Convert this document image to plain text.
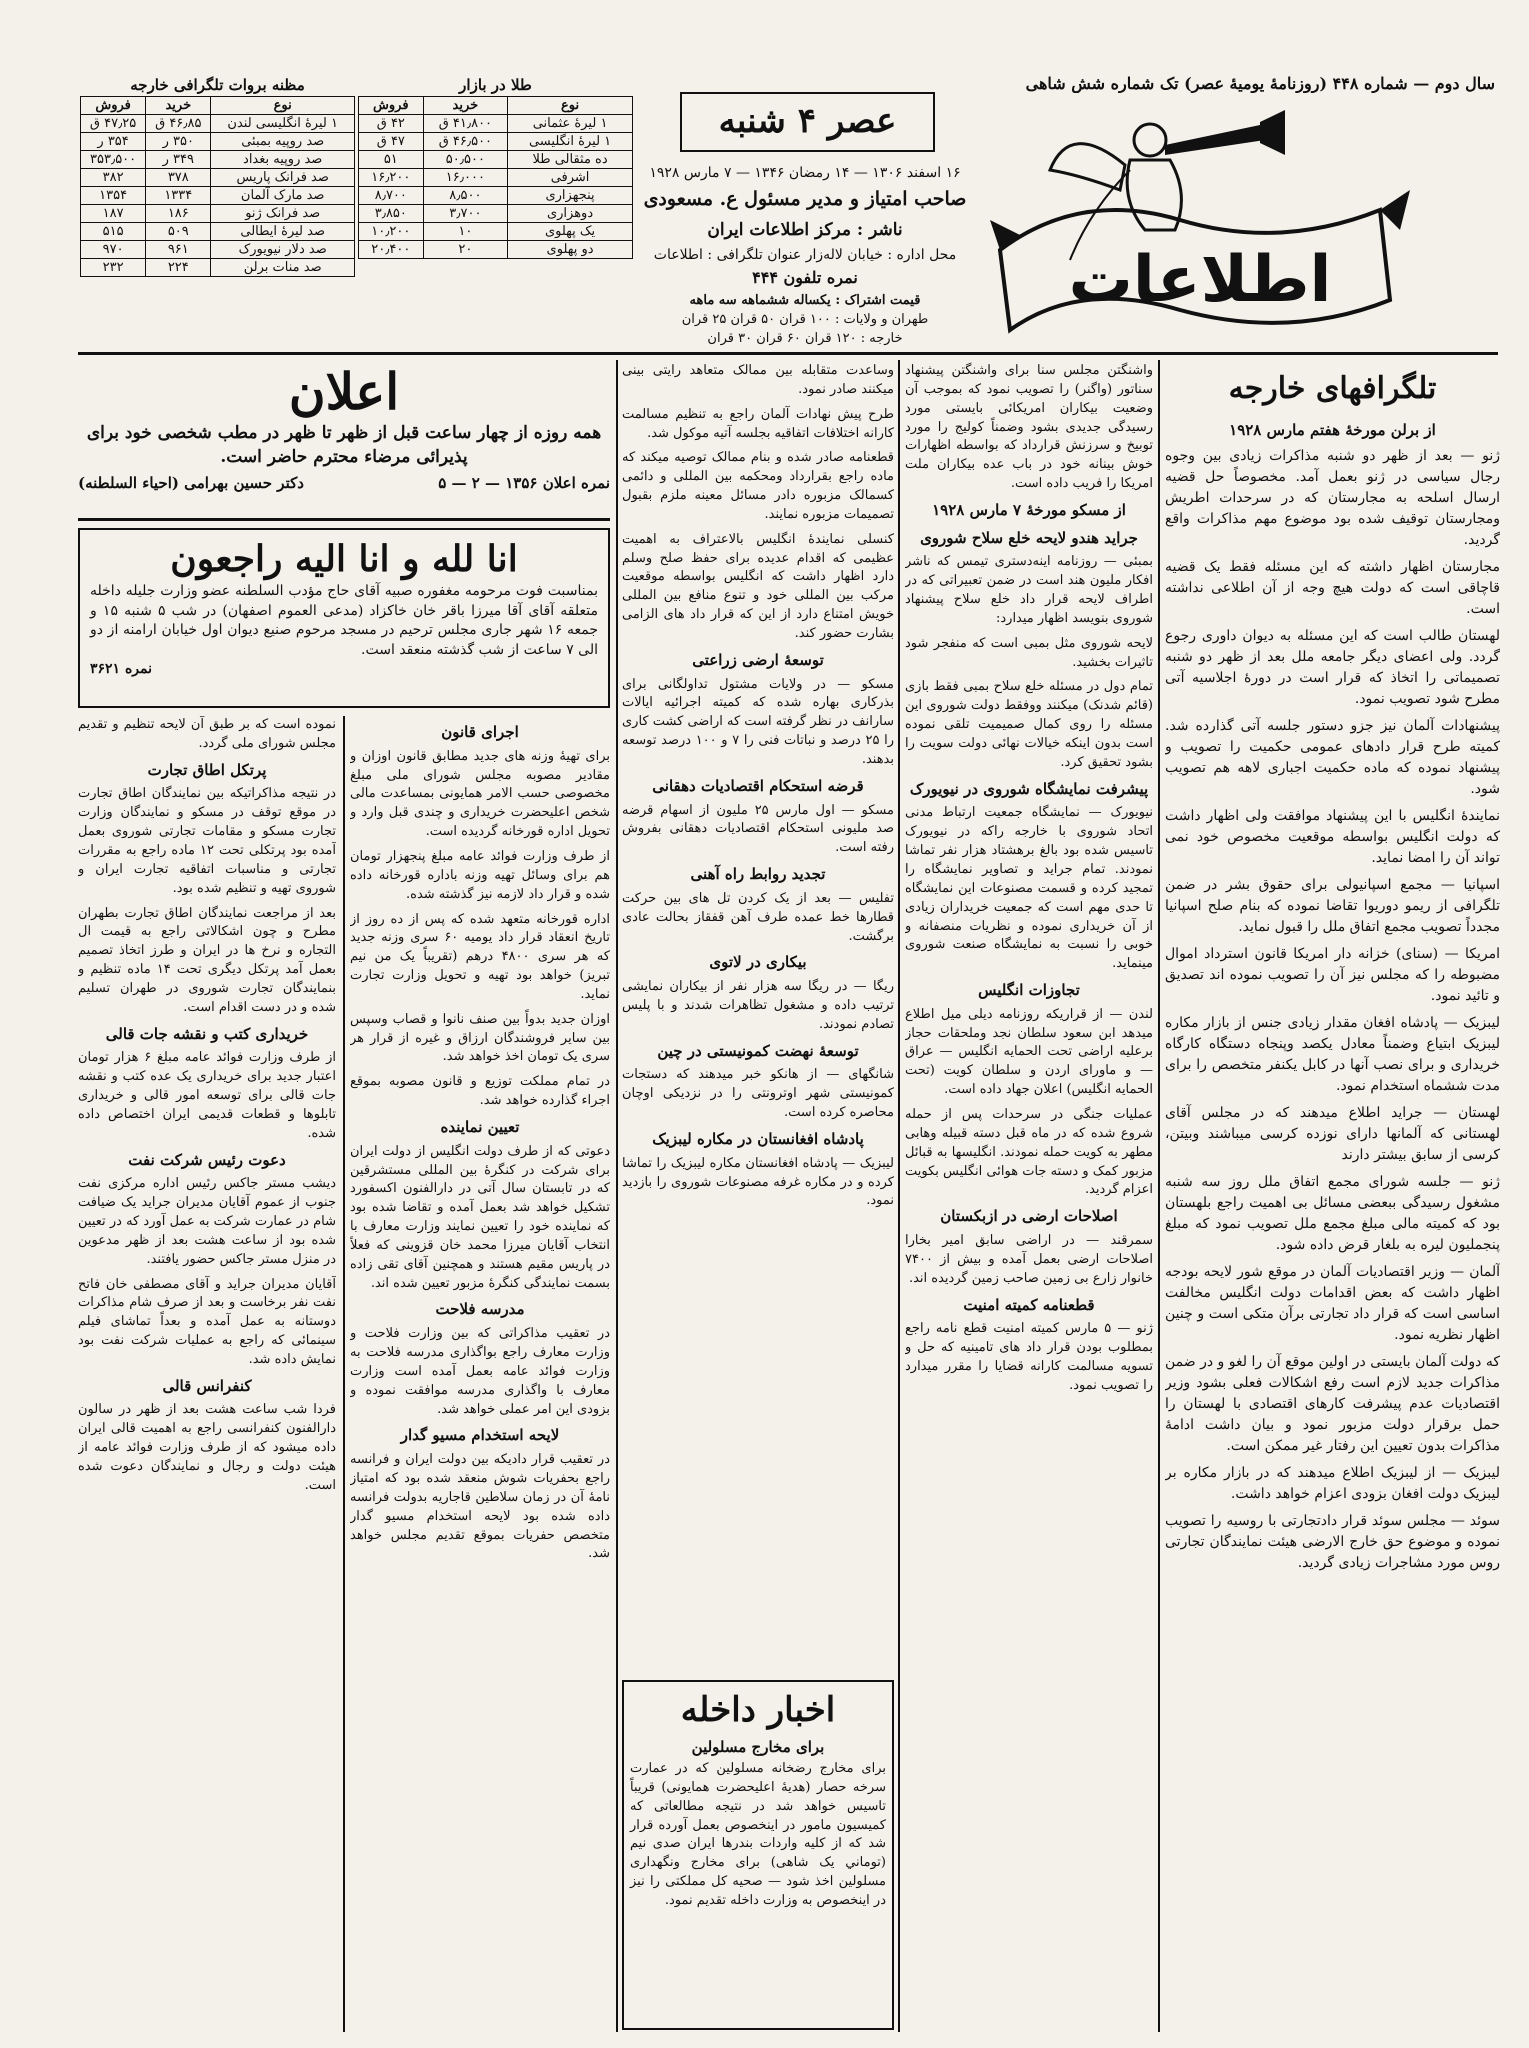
سال دوم — شماره ۴۴۸ (روزنامهٔ یومیهٔ عصر) تک شماره شش شاهی
اطلاعات
عصر ۴ شنبه
۱۶ اسفند ۱۳۰۶ — ۱۴ رمضان ۱۳۴۶ — ۷ مارس ۱۹۲۸
صاحب امتیاز و مدیر مسئول ع. مسعودی
ناشر : مرکز اطلاعات ایران
محل اداره : خیابان لاله‌زار عنوان تلگرافی : اطلاعات
نمره تلفون ۴۴۴
قیمت اشتراک : یکساله ششماهه سه ماهه
طهران و ولایات : ۱۰۰ قران ۵۰ قران ۲۵ قران
خارجه : ۱۲۰ قران ۶۰ قران ۳۰ قران
طلا در بازار
نوع	خرید	فروش
۱ لیرهٔ عثمانی	۴۱٫۸۰۰ ق	۴۲ ق
۱ لیرهٔ انگلیسی	۴۶٫۵۰۰ ق	۴۷ ق
ده مثقالی طلا	۵۰٫۵۰۰	۵۱
اشرفی	۱۶٫۰۰۰	۱۶٫۲۰۰
پنجهزاری	۸٫۵۰۰	۸٫۷۰۰
دوهزاری	۳٫۷۰۰	۳٫۸۵۰
یک پهلوی	۱۰	۱۰٫۲۰۰
دو پهلوی	۲۰	۲۰٫۴۰۰
مظنه بروات تلگرافی خارجه
نوع	خرید	فروش
۱ لیرهٔ انگلیسی لندن	۴۶٫۸۵ ق	۴۷٫۲۵ ق
صد روپیه بمبئی	۳۵۰ ر	۳۵۴ ر
صد روپیه بغداد	۳۴۹ ر	۳۵۳٫۵۰۰
صد فرانک پاریس	۳۷۸	۳۸۲
صد مارک آلمان	۱۳۳۴	۱۳۵۴
صد فرانک ژنو	۱۸۶	۱۸۷
صد لیرهٔ ایطالی	۵۰۹	۵۱۵
صد دلار نیویورک	۹۶۱	۹۷۰
صد منات برلن	۲۲۴	۲۳۲
تلگرافهای خارجه
از برلن مورخهٔ هفتم مارس ۱۹۲۸

ژنو — بعد از ظهر دو شنبه مذاکرات زیادی بین وجوه رجال سیاسی در ژنو بعمل آمد. مخصوصاً حل قضیه ارسال اسلحه به مجارستان که در سرحدات اطریش ومجارستان توقیف شده بود موضوع مهم مذاکرات واقع گردید.

مجارستان اظهار داشته که این مسئله فقط یک قضیه قاچاقی است که دولت هیچ وجه از آن اطلاعی نداشته است.

لهستان طالب است که این مسئله به دیوان داوری رجوع گردد. ولی اعضای دیگر جامعه ملل بعد از ظهر دو شنبه تصمیماتی را اتخاذ که قرار است در دورهٔ اجلاسیه آتی مطرح شود تصویب نمود.

پیشنهادات آلمان نیز جزو دستور جلسه آتی گذارده شد. کمیته طرح قرار دادهای عمومی حکمیت را تصویب و پیشنهاد نموده که ماده حکمیت اجباری لاهه هم تصویب شود.

نمایندهٔ انگلیس با این پیشنهاد موافقت ولی اظهار داشت که دولت انگلیس بواسطه موقعیت مخصوص خود نمی تواند آن را امضا نماید.

اسپانیا — مجمع اسپانیولی برای حقوق بشر در ضمن تلگرافی از ریمو دوریوا تقاضا نموده که بنام صلح اسپانیا مجدداً تصویب مجمع اتفاق ملل را قبول نماید.

امریکا — (سنای) خزانه دار امریکا قانون استرداد اموال مضبوطه را که مجلس نیز آن را تصویب نموده اند تصدیق و تائید نمود.

لیبزیک — پادشاه افغان مقدار زیادی جنس از بازار مکاره لیبزیک ابتیاع وضمناً معادل یکصد وپنجاه دستگاه کارگاه خریداری و برای نصب آنها در کابل یکنفر متخصص را برای مدت ششماه استخدام نمود.

لهستان — جراید اطلاع میدهند که در مجلس آقای لهستانی که آلمانها دارای نوزده کرسی میباشند وبیتن، کرسی از سابق بیشتر دارند

ژنو — جلسه شورای مجمع اتفاق ملل روز سه شنبه مشغول رسیدگی ببعضی مسائل بی اهمیت راجع بلهستان بود که کمیته مالی مبلغ مجمع ملل تصویب نمود که مبلغ پنجملیون لیره به بلغار قرض داده شود.

آلمان — وزیر اقتصادیات آلمان در موقع شور لایحه بودجه اظهار داشت که بعض اقدامات دولت انگلیس مخالفت اساسی است که قرار داد تجارتی برآن متکی است و چنین اظهار نظریه نمود.

که دولت آلمان بایستی در اولین موقع آن را لغو و در ضمن مذاکرات جدید لازم است رفع اشکالات فعلی بشود وزیر اقتصادیات عدم پیشرفت کارهای اقتصادی با لهستان را حمل برقرار دولت مزبور نمود و بیان داشت ادامهٔ مذاکرات بدون تعیین این رفتار غیر ممکن است.

لیبزیک — از لیبزیک اطلاع میدهند که در بازار مکاره بر لیبزیک دولت افغان بزودی اعزام خواهد داشت.

سوئد — مجلس سوئد قرار دادتجارتی با روسیه را تصویب نموده و موضوع حق خارج الارضی هیئت نمایندگان تجارتی روس مورد مشاجرات زیادی گردید.

واشنگتن مجلس سنا برای واشنگتن پیشنهاد سناتور (واگنر) را تصویب نمود که بموجب آن وضعیت بیکاران امریکائی بایستی مورد رسیدگی جدیدی بشود وضمناً کولیج را مورد توبیخ و سرزنش قرارداد که بواسطه اظهارات خوش بینانه خود در باب عده بیکاران ملت امریکا را فریب داده است.

از مسکو مورخهٔ ۷ مارس ۱۹۲۸
جراید هندو لایحه خلع سلاح شوروی

بمبئی — روزنامه اینه‌دستری تیمس که ناشر افکار ملیون هند است در ضمن تعبیراتی که در اطراف لایحه قرار داد خلع سلاح پیشنهاد شوروی بنویسد اظهار میدارد:

لایحه شوروی مثل بمبی است که منفجر شود تاثیرات بخشید.

تمام دول در مسئله خلع سلاح بمبی فقط بازی (قائم شدنک) میکنند ووفقط دولت شوروی این مسئله را روی کمال صمیمیت تلقی نموده است بدون اینکه خیالات نهائی دولت سویت را بشود تحقیق کرد.

پیشرفت نمایشگاه شوروی در نیویورک

نیویورک — نمایشگاه جمعیت ارتباط مدنی اتحاد شوروی با خارجه راکه در نیویورک تاسیس شده بود بالغ برهشتاد هزار نفر تماشا نمودند. تمام جراید و تصاویر نمایشگاه را تمجید کرده و قسمت مصنوعات این نمایشگاه تا حدی مهم است که جمعیت خریداران زیادی از آن خریداری نموده و نظریات منصفانه و خوبی را نسبت به نمایشگاه صنعت شوروی مینماید.

تجاوزات انگلیس

لندن — از قراریکه روزنامه دیلی میل اطلاع میدهد ابن سعود سلطان نجد وملحقات حجاز برعلیه اراضی تحت الحمایه انگلیس — عراق — و ماورای اردن و سلطان کویت (تحت الحمایه انگلیس) اعلان جهاد داده است.

عملیات جنگی در سرحدات پس از حمله شروع شده که در ماه قبل دسته قبیله وهابی مطهر به کویت حمله نمودند. انگلیسها به قبائل مزبور کمک و دسته جات هوائی انگلیس بکویت اعزام گردید.

اصلاحات ارضی در ازبکستان

سمرقند — در اراضی سابق امیر بخارا اصلاحات ارضی بعمل آمده و بیش از ۷۴۰۰ خانوار زارع بی زمین صاحب زمین گردیده اند.

قطعنامه کمیته امنیت

ژنو — ۵ مارس کمیته امنیت قطع نامه راجع بمطلوب بودن قرار داد های تامینیه که حل و تسویه مسالمت کارانه قضایا را مقرر میدارد را تصویب نمود.

وساعدت متقابله بین ممالک متعاهد رایتی بینی میکنند صادر نمود.

طرح پیش نهادات آلمان راجع به تنظیم مسالمت کارانه اختلافات اتفاقیه بجلسه آتیه موکول شد.

قطعنامه صادر شده و بنام ممالک توصیه میکند که ماده راجع بقرارداد ومحکمه بین المللی و دائمی کسمالک مزبوره دادر مسائل معینه ملزم بقبول تصمیمات مزبوره نمایند.

کنسلی نمایندهٔ انگلیس بالاعتراف به اهمیت عظیمی که اقدام عدیده برای حفظ صلح وسلم دارد اظهار داشت که انگلیس بواسطه موقعیت مرکب بین المللی خود و تنوع منافع بین المللی خویش امتناع دارد از این که قرار داد های الزامی بشارت حضور کند.

توسعهٔ ارضی زراعتی

مسکو — در ولایات مشتول تداولگانی برای بذرکاری بهاره شده که کمیته اجرائیه ایالات سارانف در نظر گرفته است که اراضی کشت کاری را ۲۵ درصد و نباتات فنی را ۷ و ۱۰۰ درصد توسعه بدهند.

قرضه استحکام اقتصادیات دهقانی

مسکو — اول مارس ۲۵ ملیون از اسهام قرضه صد ملیونی استحکام اقتصادیات دهقانی بفروش رفته است.

تجدید روابط راه آهنی

تفلیس — بعد از یک کردن تل های بین حرکت قطارها خط عمده طرف آهن قفقاز بحالت عادی برگشت.

بیکاری در لاتوی

ریگا — در ریگا سه هزار نفر از بیکاران نمایشی ترتیب داده و مشغول تظاهرات شدند و با پلیس تصادم نمودند.

توسعهٔ نهضت کمونیستی در چین

شانگهای — از هانکو خبر میدهند که دستجات کمونیستی شهر اوترونتی را در نزدیکی اوچان محاصره کرده است.

پادشاه افغانستان در مکاره لیبزیک

لیبزیک — پادشاه افغانستان مکاره لیبزیک را تماشا کرده و در مکاره غرفه مصنوعات شوروی را بازدید نمود.

اخبار داخله
برای مخارج مسلولین

برای مخارج رضخانه مسلولین که در عمارت سرخه حصار (هدیهٔ اعلیحضرت همایونی) قریباً تاسیس خواهد شد در نتیجه مطالعاتی که کمیسیون مامور در اینخصوص بعمل آورده قرار شد که از کلیه واردات بندرها ایران صدی نیم (توماني یک شاهی) برای مخارج ونگهداری مسلولین اخذ شود — صحیه کل مملکتی را نیز در اینخصوص به وزارت داخله تقدیم نمود.

اعلان
همه روزه از چهار ساعت قبل از ظهر تا ظهر در مطب شخصی خود برای پذیرائی مرضاء محترم حاضر است.
نمره اعلان ۱۳۵۶ — ۲ — ۵
دکتر حسین بهرامی (احیاء السلطنه)
انا لله و انا الیه راجعون
بمناسبت فوت مرحومه مغفوره صبیه آقای حاج مؤدب السلطنه عضو وزارت جلیله داخله متعلقه آقای آقا میرزا باقر خان خاکزاد (مدعی العموم اصفهان) در شب ۵ شنبه ۱۵ و جمعه ۱۶ شهر جاری مجلس ترحیم در مسجد مرحوم صنیع دیوان اول خیابان ارامنه از دو الی ۷ ساعت از شب گذشته منعقد است.
نمره ۳۶۲۱
اجرای قانون

برای تهیهٔ وزنه های جدید مطابق قانون اوزان و مقادیر مصوبه مجلس شورای ملی مبلغ مخصوصی حسب الامر همایونی بمساعدت مالی شخص اعلیحضرت خریداری و چندی قبل وارد و تحویل اداره قورخانه گردیده است.

از طرف وزارت فوائد عامه مبلغ پنجهزار تومان هم برای وسائل تهیه وزنه باداره قورخانه داده شده و قرار داد لازمه نیز گذشته شده.

اداره قورخانه متعهد شده که پس از ده روز از تاریخ انعقاد قرار داد یومیه ۶۰ سری وزنه جدید که هر سری ۴۸۰۰ درهم (تقریباً یک من نیم تبریز) خواهد بود تهیه و تحویل وزارت تجارت نماید.

اوزان جدید بدواً بین صنف نانوا و قصاب وسپس بین سایر فروشندگان ارزاق و غیره از قرار هر سری یک تومان اخذ خواهد شد.

در تمام مملکت توزیع و قانون مصوبه بموقع اجراء گذارده خواهد شد.

تعیین نماینده

دعوتی که از طرف دولت انگلیس از دولت ایران برای شرکت در کنگرهٔ بین المللی مستشرقین که در تابستان سال آتی در دارالفنون اکسفورد تشکیل خواهد شد بعمل آمده و تقاضا شده بود که نماینده خود را تعیین نمایند وزارت معارف با انتخاب آقایان میرزا محمد خان قزوینی که فعلاً در پاریس مقیم هستند و همچنین آقای تقی زاده بسمت نمایندگی کنگرهٔ مزبور تعیین شده اند.

مدرسه فلاحت

در تعقیب مذاکراتی که بین وزارت فلاحت و وزارت معارف راجع بواگذاری مدرسه فلاحت به وزارت فوائد عامه بعمل آمده است وزارت معارف با واگذاری مدرسه موافقت نموده و بزودی این امر عملی خواهد شد.

لایحه استخدام مسیو گدار

در تعقیب قرار دادیکه بین دولت ایران و فرانسه راجع بحفریات شوش منعقد شده بود که امتیاز نامهٔ آن در زمان سلاطین قاجاریه بدولت فرانسه داده شده بود لایحه استخدام مسیو گدار متخصص حفریات بموقع تقدیم مجلس خواهد شد.

نموده است که بر طبق آن لایحه تنظیم و تقدیم مجلس شورای ملی گردد.

پرتکل اطاق تجارت

در نتیجه مذاکراتیکه بین نمایندگان اطاق تجارت در موقع توقف در مسکو و نمایندگان وزارت تجارت مسکو و مقامات تجارتی شوروی بعمل آمده بود پرتکلی تحت ۱۲ ماده راجع به مقررات تجارتی و مناسبات اتفاقیه تجارت ایران و شوروی تهیه و تنظیم شده بود.

بعد از مراجعت نمایندگان اطاق تجارت بطهران مطرح و چون اشکالاتی راجع به قیمت ال التجاره و نرخ ها در ایران و طرز اتخاذ تصمیم بعمل آمد پرتکل دیگری تحت ۱۴ ماده تنظیم و بنمایندگان تجارت شوروی در طهران تسلیم شده و در دست اقدام است.

خریداری کتب و نقشه جات قالی

از طرف وزارت فوائد عامه مبلغ ۶ هزار تومان اعتبار جدید برای خریداری یک عده کتب و نقشه جات قالی برای توسعه امور قالی و خریداری تابلوها و قطعات قدیمی ایران اختصاص داده شده.

دعوت رئیس شرکت نفت

دیشب مستر جاکس رئیس اداره مرکزی نفت جنوب از عموم آقایان مدیران جراید یک ضیافت شام در عمارت شرکت به عمل آورد که در تعیین شده بود از ساعت هشت بعد از ظهر مدعوین در منزل مستر جاکس حضور یافتند.

آقایان مدیران جراید و آقای مصطفی خان فاتح نفت نفر برخاست و بعد از صرف شام مذاکرات دوستانه به عمل آمده و بعداً تماشای فیلم سینمائی که راجع به عملیات شرکت نفت بود نمایش داده شد.

کنفرانس قالی

فردا شب ساعت هشت بعد از ظهر در سالون دارالفنون کنفرانسی راجع به اهمیت قالی ایران داده میشود که از طرف وزارت فوائد عامه از هیئت دولت و رجال و نمایندگان دعوت شده است.
